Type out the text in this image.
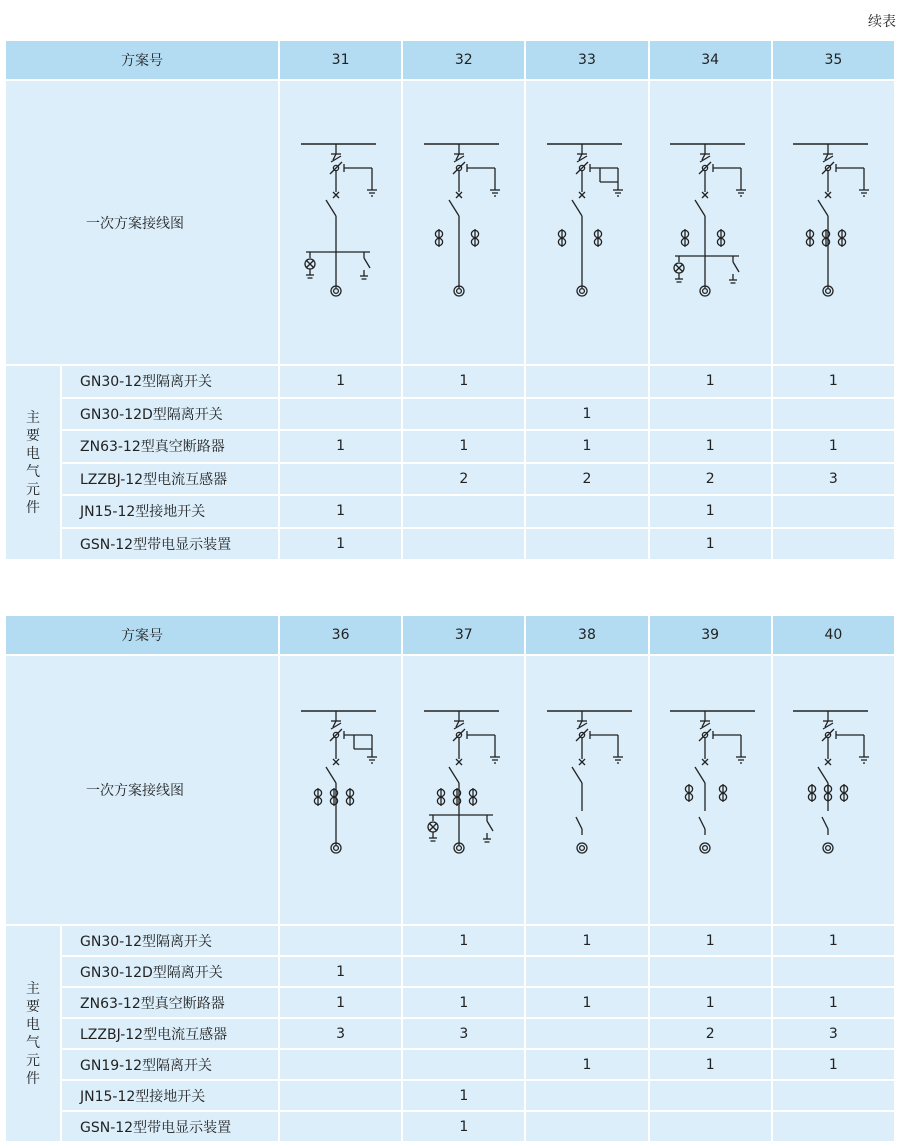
续表
方案号		31	32	33	34	35
一次方案接线图	

主要电气元件	GN30-12型隔离开关	1	1		1	1
	GN30-12D型隔离开关			1		
	ZN63-12型真空断路器	1	1	1	1	1
	LZZBJ-12型电流互感器		2	2	2	3
	JN15-12型接地开关	1			1	
	GSN-12型带电显示装置	1			1	
方案号		36	37	38	39	40
一次方案接线图	

主要电气元件	GN30-12型隔离开关		1	1	1	1
	GN30-12D型隔离开关	1				
	ZN63-12型真空断路器	1	1	1	1	1
	LZZBJ-12型电流互感器	3	3		2	3
	GN19-12型隔离开关			1	1	1
	JN15-12型接地开关		1			
	GSN-12型带电显示装置		1			
